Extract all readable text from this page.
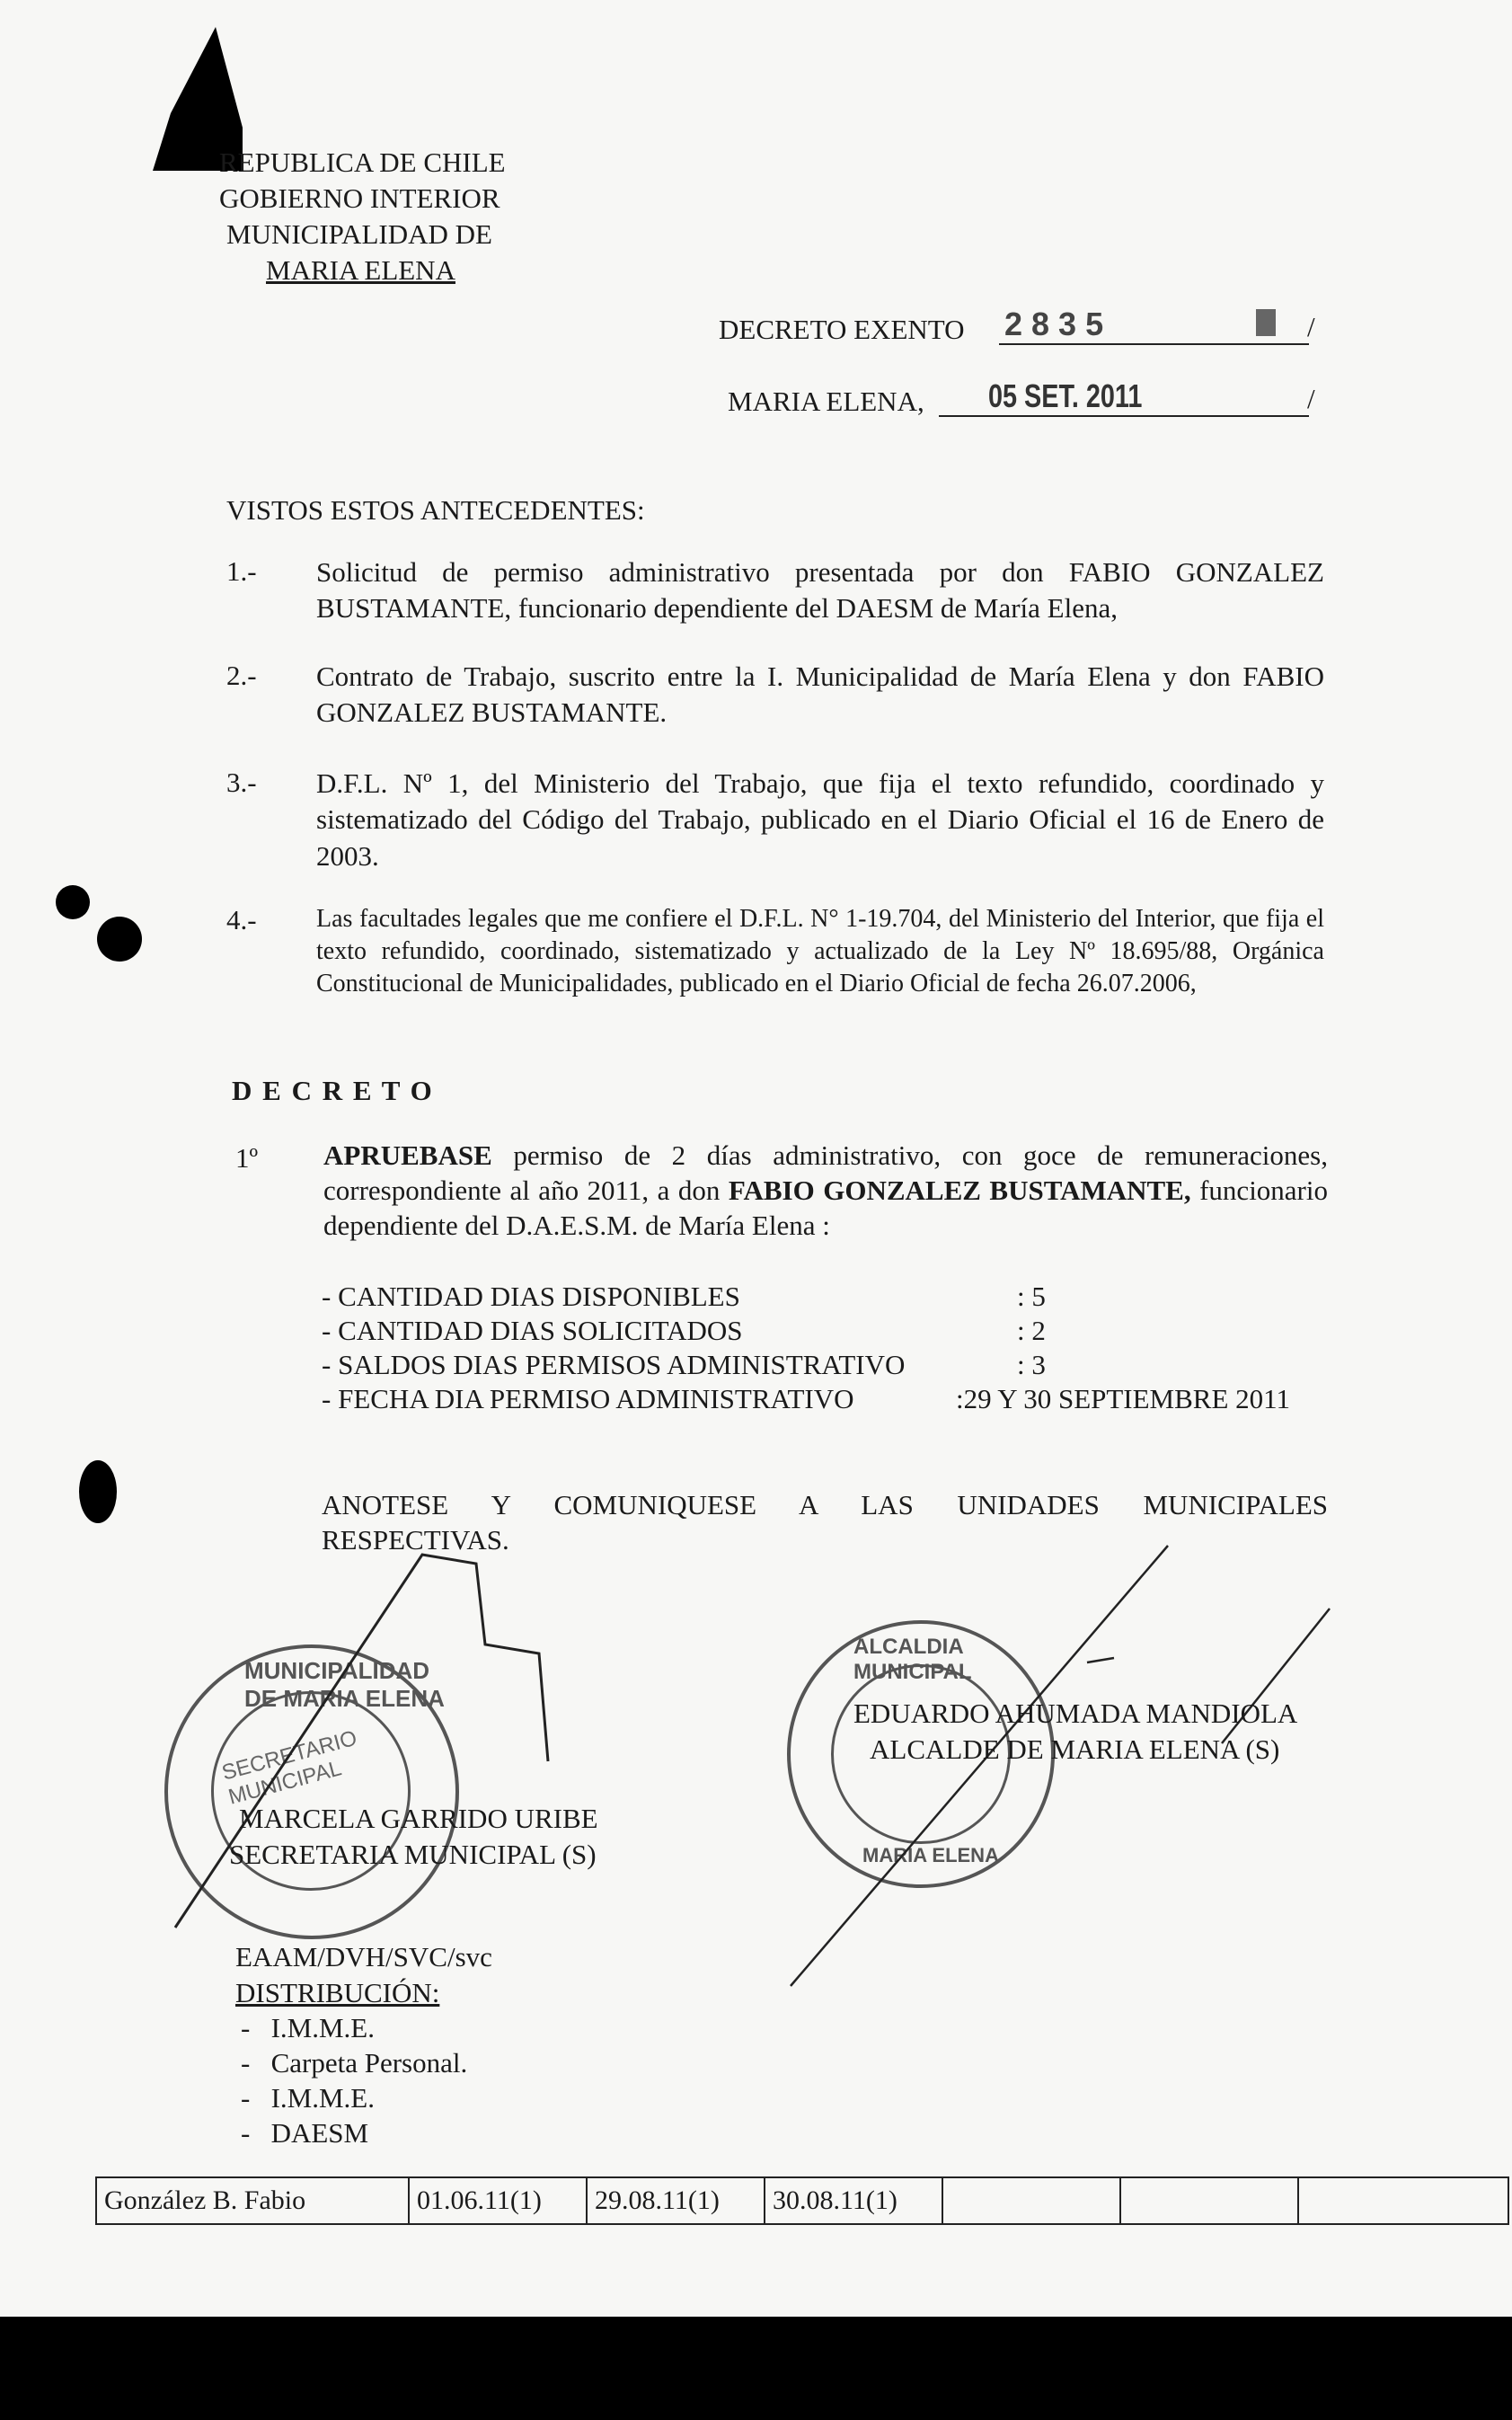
REPUBLICA DE CHILE
GOBIERNO INTERIOR
MUNICIPALIDAD DE
MARIA ELENA
DECRETO EXENTO 2835	/
MARIA ELENA, 05 SET. 2011	/
VISTOS ESTOS ANTECEDENTES:
1.- Solicitud de permiso administrativo presentada por don FABIO GONZALEZ BUSTAMANTE, funcionario dependiente del DAESM de María Elena,
2.- Contrato de Trabajo, suscrito entre la I. Municipalidad de María Elena y don FABIO GONZALEZ BUSTAMANTE.
3.- D.F.L. Nº 1, del Ministerio del Trabajo, que fija el texto refundido, coordinado y sistematizado del Código del Trabajo, publicado en el Diario Oficial el 16 de Enero de 2003.
4.- Las facultades legales que me confiere el D.F.L. N° 1-19.704, del Ministerio del Interior, que fija el texto refundido, coordinado, sistematizado y actualizado de la Ley Nº 18.695/88, Orgánica Constitucional de Municipalidades, publicado en el Diario Oficial de fecha 26.07.2006,
D E C R E T O
1º APRUEBASE permiso de 2 días administrativo, con goce de remuneraciones, correspondiente al año 2011, a don FABIO GONZALEZ BUSTAMANTE, funcionario dependiente del D.A.E.S.M. de María Elena :
- CANTIDAD DIAS DISPONIBLES	: 5
- CANTIDAD DIAS SOLICITADOS	: 2
- SALDOS DIAS PERMISOS ADMINISTRATIVO	: 3
- FECHA DIA PERMISO ADMINISTRATIVO	:29 Y 30 SEPTIEMBRE 2011
ANOTESE Y COMUNIQUESE A LAS UNIDADES MUNICIPALES RESPECTIVAS.
MUNICIPALIDAD DE MARIA ELENA
SECRETARIO MUNICIPAL
ALCALDIA MUNICIPAL
MARIA ELENA
MARCELA GARRIDO URIBE
SECRETARIA MUNICIPAL (S)
EDUARDO AHUMADA MANDIOLA
ALCALDE DE MARIA ELENA (S)
EAAM/DVH/SVC/svc
DISTRIBUCIÓN:
-   I.M.M.E.
-   Carpeta Personal.
-   I.M.M.E.
-   DAESM
González B. Fabio	01.06.11(1)	29.08.11(1)	30.08.11(1)			
